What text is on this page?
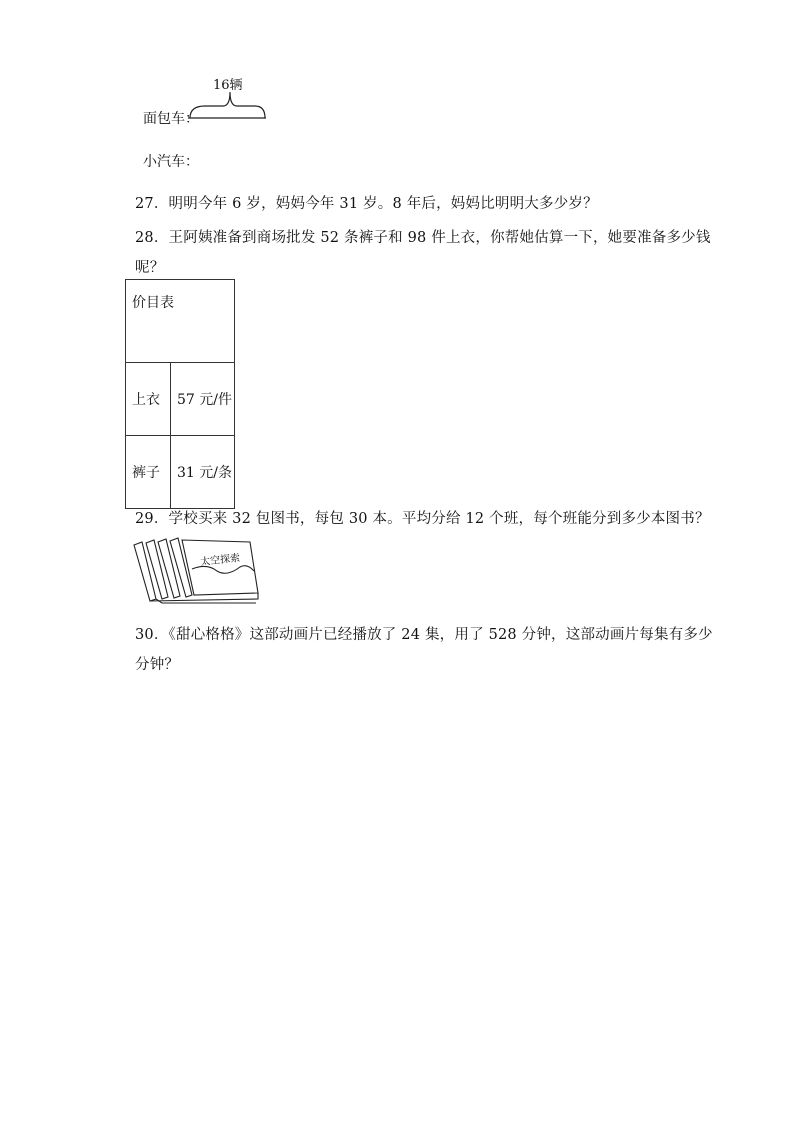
16辆
面包车：
小汽车：
27．明明今年 6 岁，妈妈今年 31 岁。8 年后，妈妈比明明大多少岁？
28．王阿姨准备到商场批发 52 条裤子和 98 件上衣，你帮她估算一下，她要准备多少钱
呢？
价目表	
上衣	57 元/件
裤子	31 元/条
29．学校买来 32 包图书，每包 30 本。平均分给 12 个班，每个班能分到多少本图书？
太空探索
30．《甜心格格》这部动画片已经播放了 24 集，用了 528 分钟，这部动画片每集有多少
分钟？
